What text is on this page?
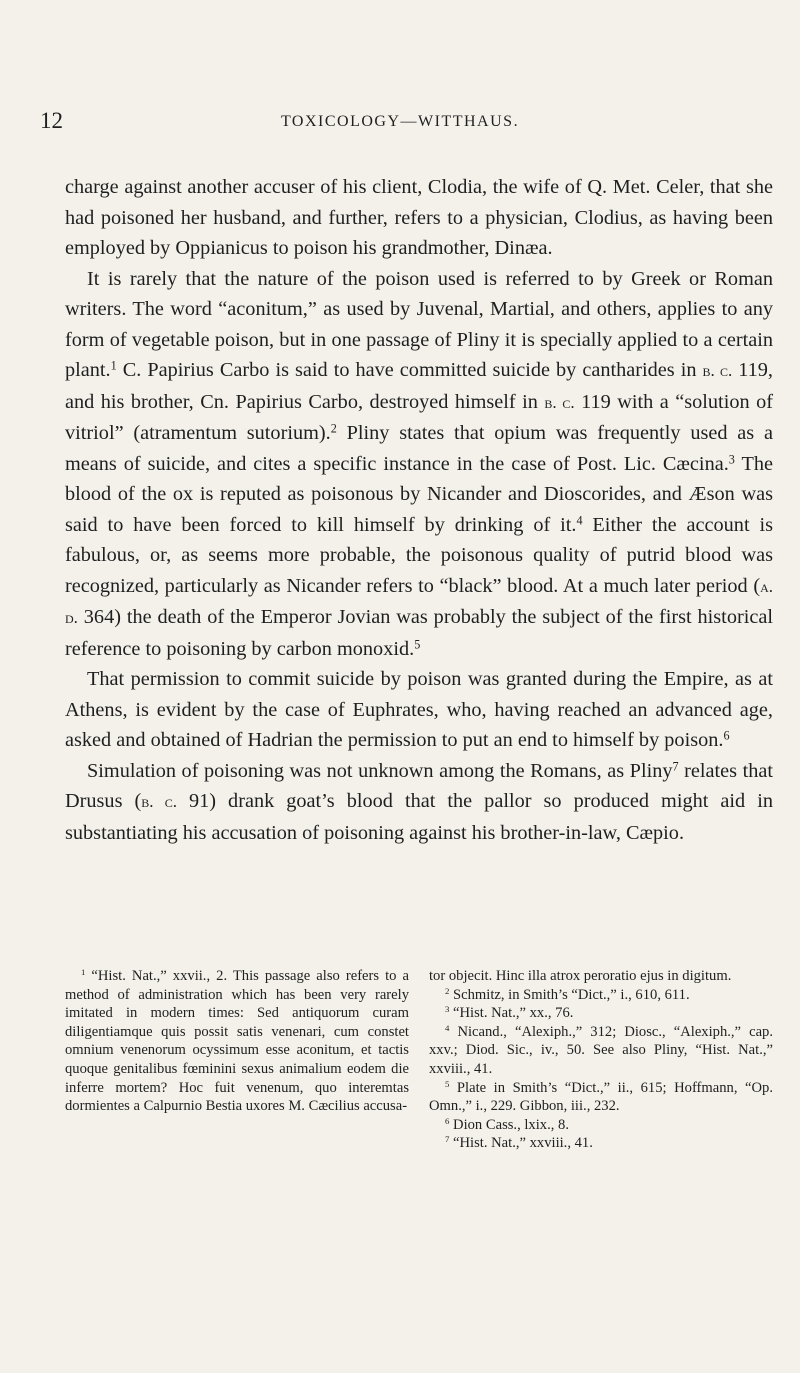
12	TOXICOLOGY—WITTHAUS.

charge against another accuser of his client, Clodia, the wife of Q. Met. Celer, that she had poisoned her husband, and further, refers to a physician, Clodius, as having been employed by Oppianicus to poison his grandmother, Dinæa.

It is rarely that the nature of the poison used is referred to by Greek or Roman writers. The word “aconitum,” as used by Juvenal, Martial, and others, applies to any form of vegetable poison, but in one passage of Pliny it is specially applied to a certain plant.$^1$ C. Papirius Carbo is said to have committed suicide by cantharides in b. c. 119, and his brother, Cn. Papirius Carbo, destroyed himself in b. c. 119 with a “solution of vitriol” (atramentum sutorium).$^2$ Pliny states that opium was frequently used as a means of suicide, and cites a specific instance in the case of Post. Lic. Cæcina.$^3$ The blood of the ox is reputed as poisonous by Nicander and Dioscorides, and Æson was said to have been forced to kill himself by drinking of it.$^4$ Either the account is fabulous, or, as seems more probable, the poisonous quality of putrid blood was recognized, particularly as Nicander refers to “black” blood. At a much later period (a. d. 364) the death of the Emperor Jovian was probably the subject of the first historical reference to poisoning by carbon monoxid.$^5$

That permission to commit suicide by poison was granted during the Empire, as at Athens, is evident by the case of Euphrates, who, having reached an advanced age, asked and obtained of Hadrian the permission to put an end to himself by poison.$^6$

Simulation of poisoning was not unknown among the Romans, as Pliny$^7$ relates that Drusus (b. c. 91) drank goat’s blood that the pallor so produced might aid in substantiating his accusation of poisoning against his brother-in-law, Cæpio.

$^1$ “Hist. Nat.,” xxvii., 2. This passage also refers to a method of administration which has been very rarely imitated in modern times: Sed antiquorum curam diligentiamque quis possit satis venenari, cum constet omnium venenorum ocyssimum esse aconitum, et tactis quoque genitalibus fœminini sexus animalium eodem die inferre mortem? Hoc fuit venenum, quo interemtas dormientes a Calpurnio Bestia uxores M. Cæcilius accusa-

tor objecit. Hinc illa atrox peroratio ejus in digitum.

$^2$ Schmitz, in Smith’s “Dict.,” i., 610, 611.

$^3$ “Hist. Nat.,” xx., 76.

$^4$ Nicand., “Alexiph.,” 312; Diosc., “Alexiph.,” cap. xxv.; Diod. Sic., iv., 50. See also Pliny, “Hist. Nat.,” xxviii., 41.

$^5$ Plate in Smith’s “Dict.,” ii., 615; Hoffmann, “Op. Omn.,” i., 229. Gibbon, iii., 232.

$^6$ Dion Cass., lxix., 8.

$^7$ “Hist. Nat.,” xxviii., 41.
